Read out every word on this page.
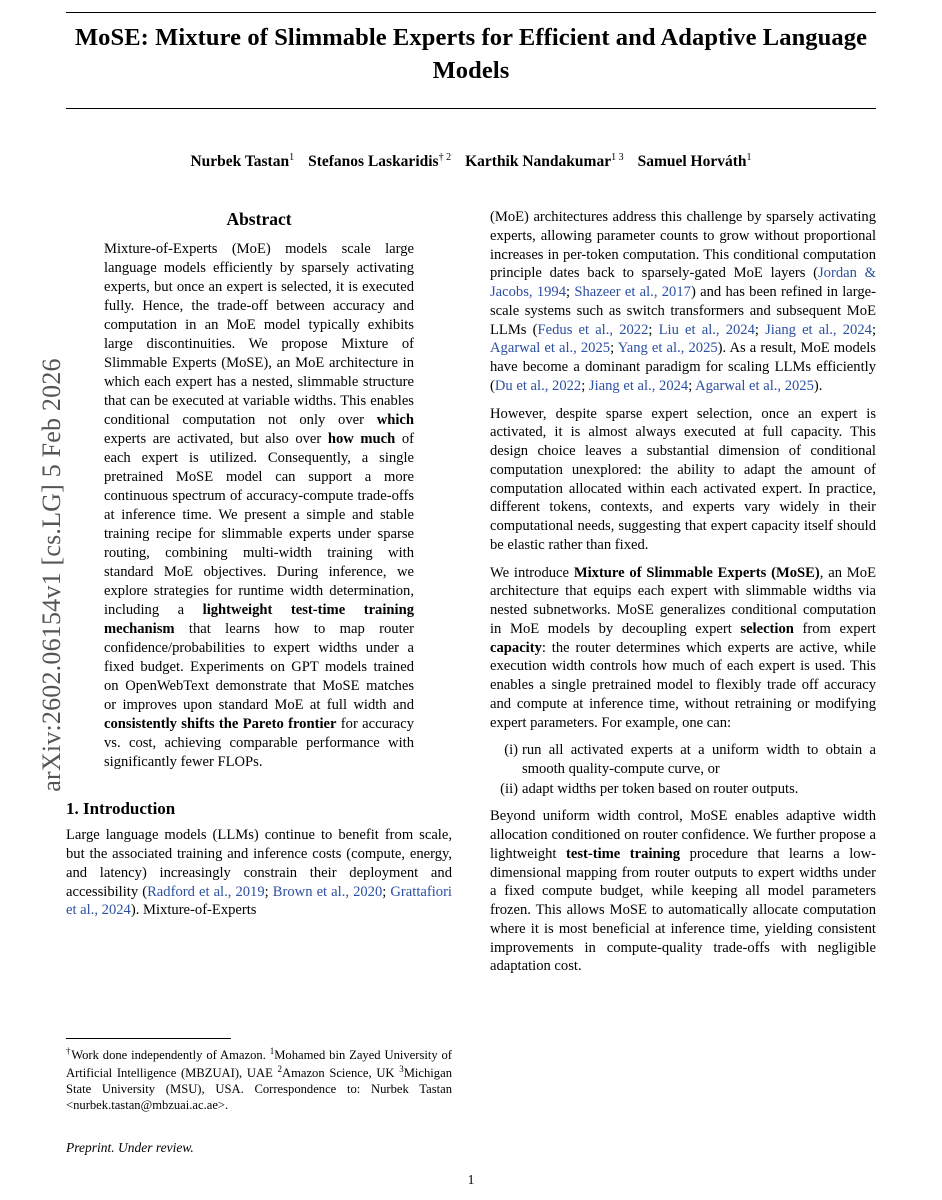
arXiv:2602.06154v1 [cs.LG] 5 Feb 2026
MoSE: Mixture of Slimmable Experts for Efficient and Adaptive Language Models
Nurbek Tastan$^1$ Stefanos Laskaridis$^{\dagger 2}$ Karthik Nandakumar$^{1 3}$ Samuel Horváth$^1$
Abstract
Mixture-of-Experts (MoE) models scale large language models efficiently by sparsely activating experts, but once an expert is selected, it is executed fully. Hence, the trade-off between accuracy and computation in an MoE model typically exhibits large discontinuities. We propose Mixture of Slimmable Experts (MoSE), an MoE architecture in which each expert has a nested, slimmable structure that can be executed at variable widths. This enables conditional computation not only over which experts are activated, but also over how much of each expert is utilized. Consequently, a single pretrained MoSE model can support a more continuous spectrum of accuracy-compute trade-offs at inference time. We present a simple and stable training recipe for slimmable experts under sparse routing, combining multi-width training with standard MoE objectives. During inference, we explore strategies for runtime width determination, including a lightweight test-time training mechanism that learns how to map router confidence/probabilities to expert widths under a fixed budget. Experiments on GPT models trained on OpenWebText demonstrate that MoSE matches or improves upon standard MoE at full width and consistently shifts the Pareto frontier for accuracy vs. cost, achieving comparable performance with significantly fewer FLOPs.
1. Introduction

Large language models (LLMs) continue to benefit from scale, but the associated training and inference costs (compute, energy, and latency) increasingly constrain their deployment and accessibility (Radford et al., 2019; Brown et al., 2020; Grattafiori et al., 2024). Mixture-of-Experts

(MoE) architectures address this challenge by sparsely activating experts, allowing parameter counts to grow without proportional increases in per-token computation. This conditional computation principle dates back to sparsely-gated MoE layers (Jordan & Jacobs, 1994; Shazeer et al., 2017) and has been refined in large-scale systems such as switch transformers and subsequent MoE LLMs (Fedus et al., 2022; Liu et al., 2024; Jiang et al., 2024; Agarwal et al., 2025; Yang et al., 2025). As a result, MoE models have become a dominant paradigm for scaling LLMs efficiently (Du et al., 2022; Jiang et al., 2024; Agarwal et al., 2025).

However, despite sparse expert selection, once an expert is activated, it is almost always executed at full capacity. This design choice leaves a substantial dimension of conditional computation unexplored: the ability to adapt the amount of computation allocated within each activated expert. In practice, different tokens, contexts, and experts vary widely in their computational needs, suggesting that expert capacity itself should be elastic rather than fixed.

We introduce Mixture of Slimmable Experts (MoSE), an MoE architecture that equips each expert with slimmable widths via nested subnetworks. MoSE generalizes conditional computation in MoE models by decoupling expert selection from expert capacity: the router determines which experts are active, while execution width controls how much of each expert is used. This enables a single pretrained model to flexibly trade off accuracy and compute at inference time, without retraining or modifying expert parameters. For example, one can:

(i) run all activated experts at a uniform width to obtain a smooth quality-compute curve, or
(ii) adapt widths per token based on router outputs.

Beyond uniform width control, MoSE enables adaptive width allocation conditioned on router confidence. We further propose a lightweight test-time training procedure that learns a low-dimensional mapping from router outputs to expert widths under a fixed compute budget, while keeping all model parameters frozen. This allows MoSE to automatically allocate computation where it is most beneficial at inference time, yielding consistent improvements in compute-quality trade-offs with negligible adaptation cost.

†Work done independently of Amazon. $^1$Mohamed bin Zayed University of Artificial Intelligence (MBZUAI), UAE $^2$Amazon Science, UK $^3$Michigan State University (MSU), USA. Correspondence to: Nurbek Tastan <nurbek.tastan@mbzuai.ac.ae>.
Preprint. Under review.
1
